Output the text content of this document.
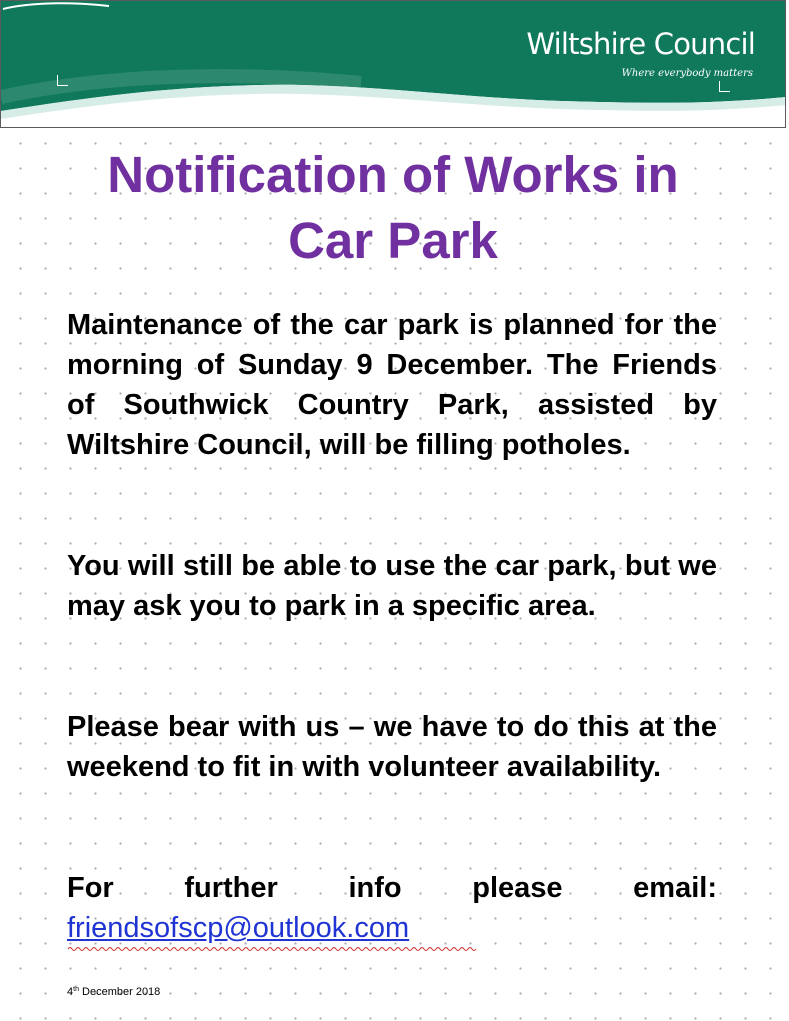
Wiltshire Council
Where everybody matters
Notification of Works in
Car Park

Maintenance of the car park is planned for the morning of Sunday 9 December. The Friends of Southwick Country Park, assisted by Wiltshire Council, will be filling potholes.

You will still be able to use the car park, but we may ask you to park in a specific area.

Please bear with us – we have to do this at the weekend to fit in with volunteer availability.

For further info please email:

friendsofscp@outlook.com
4th December 2018
